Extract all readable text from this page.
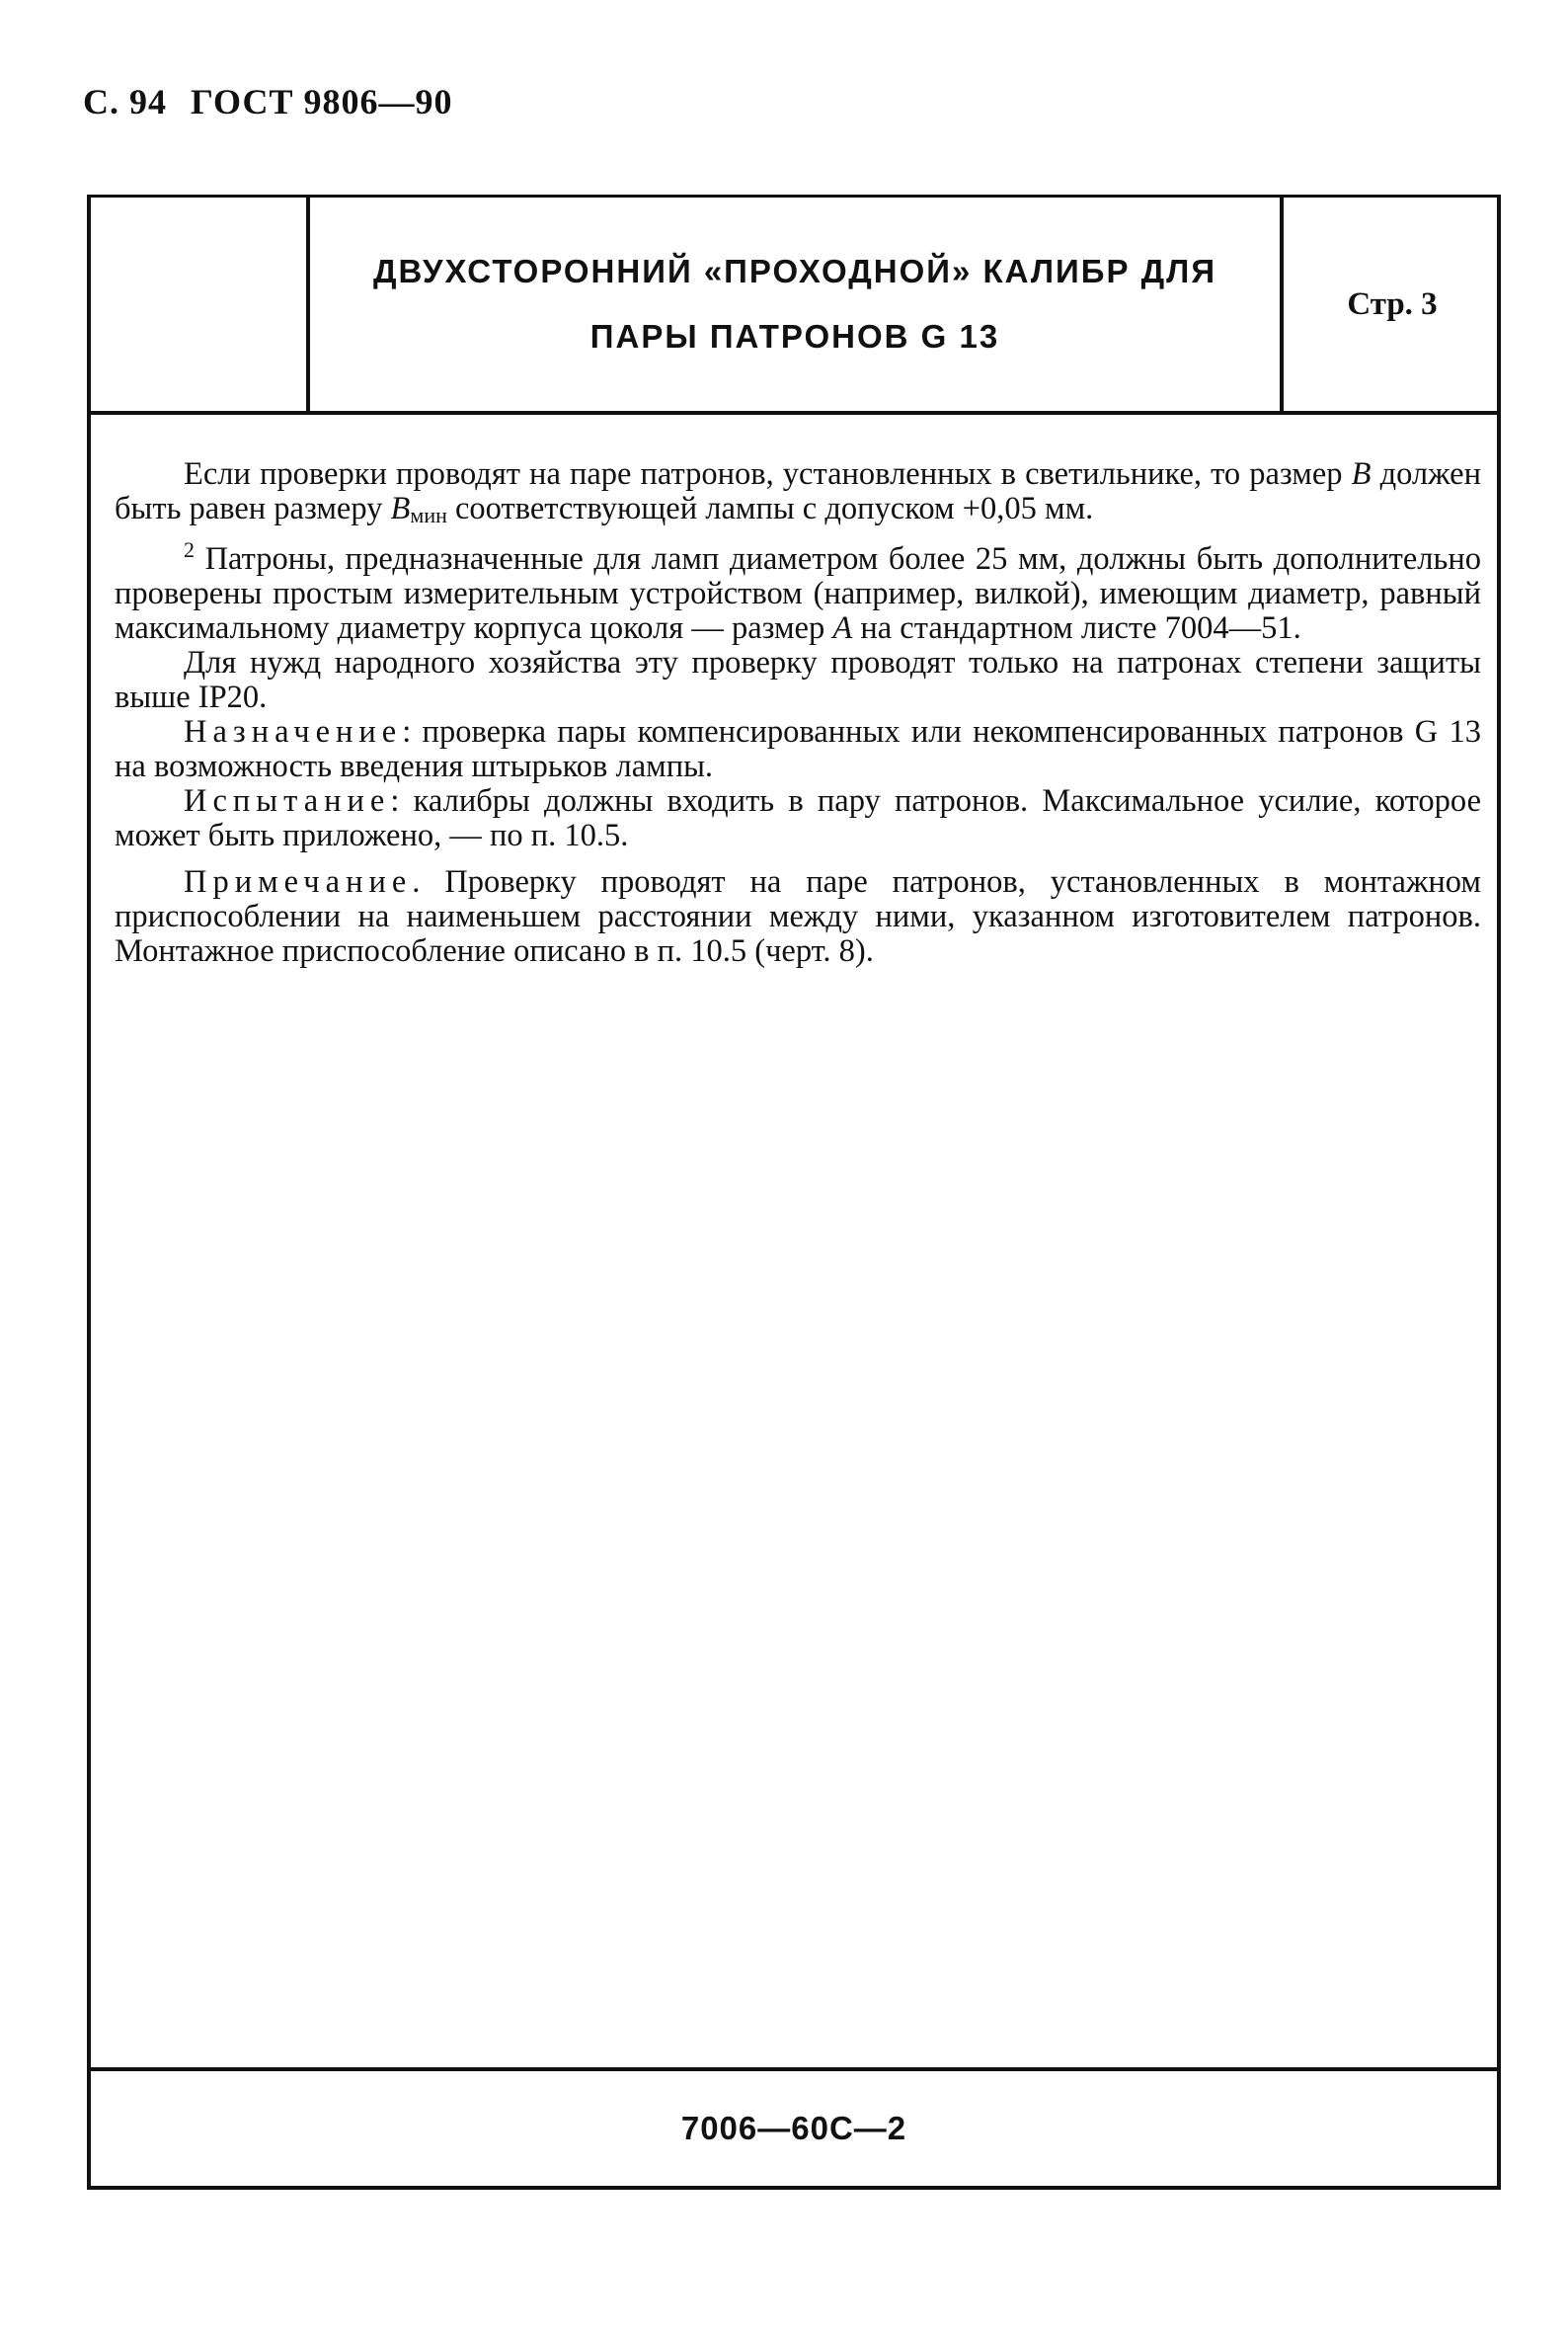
С. 94 ГОСТ 9806—90
ДВУХСТОРОННИЙ «ПРОХОДНОЙ» КАЛИБР ДЛЯ
ПАРЫ ПАТРОНОВ G 13
Стр. 3

Если проверки проводят на паре патронов, установленных в светильнике, то размер В должен быть равен размеру Вмин соответствующей лампы с допуском +0,05 мм.

$^2$ Патроны, предназначенные для ламп диаметром более 25 мм, должны быть дополнительно проверены простым измерительным устройством (например, вилкой), имеющим диаметр, равный максимальному диаметру корпуса цоколя — размер А на стандартном листе 7004—51.

Для нужд народного хозяйства эту проверку проводят только на патронах степени защиты выше IP20.

Назначение: проверка пары компенсированных или некомпенсированных патронов G 13 на возможность введения штырьков лампы.

Испытание: калибры должны входить в пару патронов. Максимальное усилие, которое может быть приложено, — по п. 10.5.

Примечание. Проверку проводят на паре патронов, установленных в монтажном приспособлении на наименьшем расстоянии между ними, указанном изготовителем патронов. Монтажное приспособление описано в п. 10.5 (черт. 8).

7006—60С—2
